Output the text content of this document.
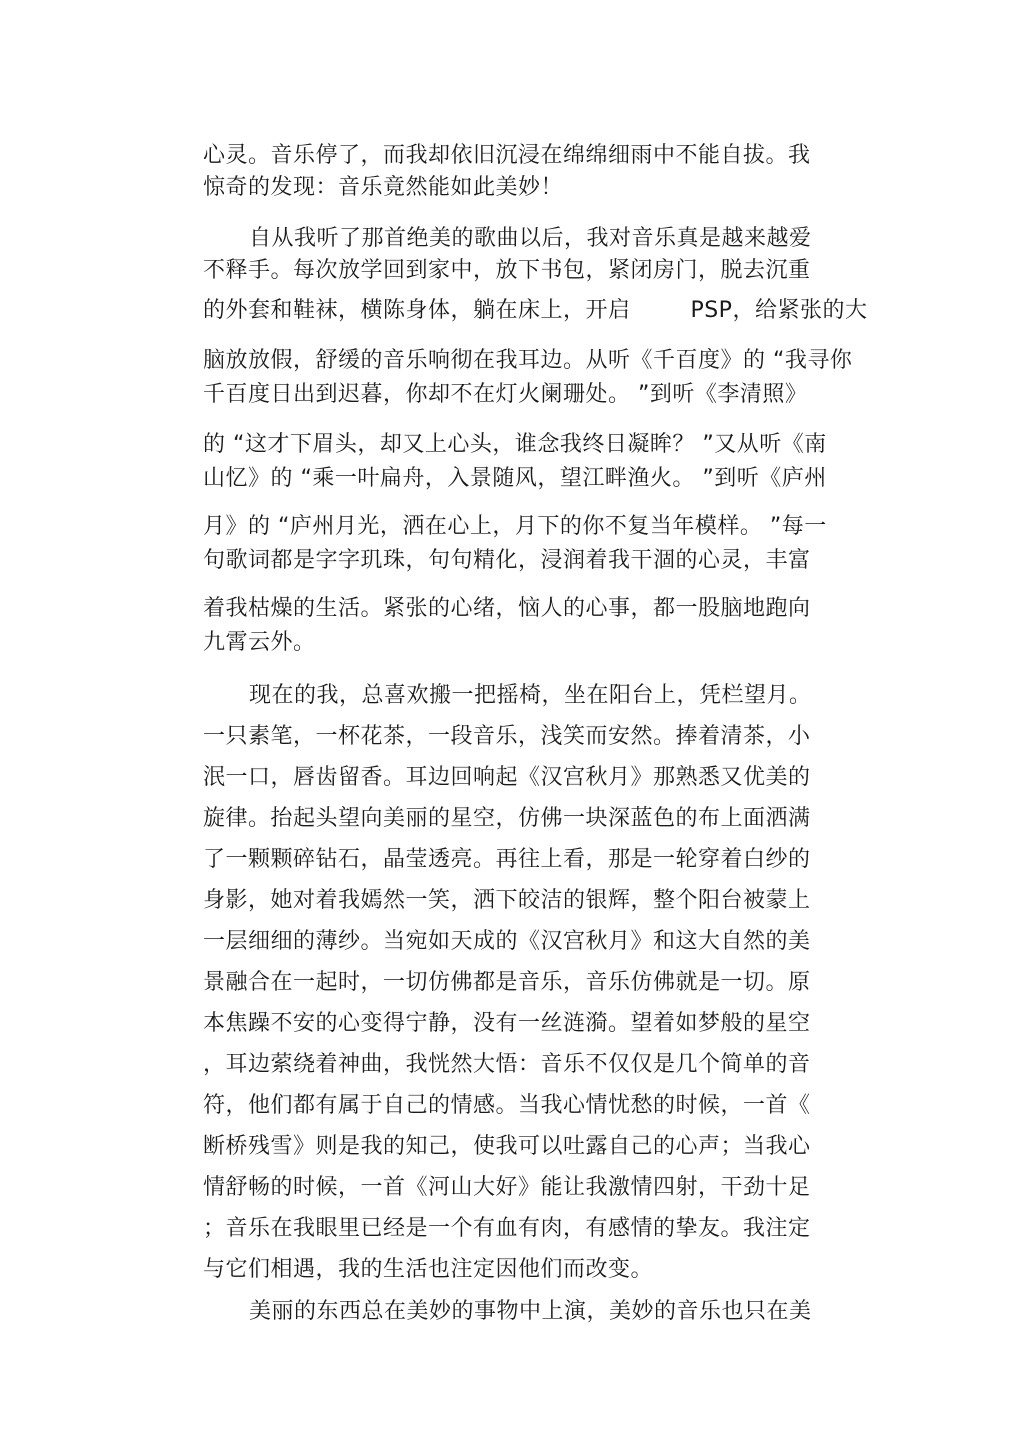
心灵。音乐停了，而我却依旧沉浸在绵绵细雨中不能自拔。我
惊奇的发现：音乐竟然能如此美妙！
自从我听了那首绝美的歌曲以后，我对音乐真是越来越爱
不释手。每次放学回到家中，放下书包，紧闭房门，脱去沉重
的外套和鞋袜，横陈身体，躺在床上，开启        PSP，给紧张的大
脑放放假，舒缓的音乐响彻在我耳边。从听《千百度》的 “我寻你
千百度日出到迟暮，你却不在灯火阑珊处。 ”到听《李清照》
的 “这才下眉头，却又上心头，谁念我终日凝眸？ ”又从听《南
山忆》的 “乘一叶扁舟，入景随风，望江畔渔火。 ”到听《庐州
月》的 “庐州月光，洒在心上，月下的你不复当年模样。 ”每一
句歌词都是字字玑珠，句句精化，浸润着我干涸的心灵，丰富
着我枯燥的生活。紧张的心绪，恼人的心事，都一股脑地跑向
九霄云外。
现在的我，总喜欢搬一把摇椅，坐在阳台上，凭栏望月。
一只素笔，一杯花茶，一段音乐，浅笑而安然。捧着清茶，小
泯一口，唇齿留香。耳边回响起《汉宫秋月》那熟悉又优美的
旋律。抬起头望向美丽的星空，仿佛一块深蓝色的布上面洒满
了一颗颗碎钻石，晶莹透亮。再往上看，那是一轮穿着白纱的
身影，她对着我嫣然一笑，洒下皎洁的银辉，整个阳台被蒙上
一层细细的薄纱。当宛如天成的《汉宫秋月》和这大自然的美
景融合在一起时，一切仿佛都是音乐，音乐仿佛就是一切。原
本焦躁不安的心变得宁静，没有一丝涟漪。望着如梦般的星空
，耳边萦绕着神曲，我恍然大悟：音乐不仅仅是几个简单的音
符，他们都有属于自己的情感。当我心情忧愁的时候，一首《
断桥残雪》则是我的知己，使我可以吐露自己的心声；当我心
情舒畅的时候，一首《河山大好》能让我激情四射，干劲十足
；音乐在我眼里已经是一个有血有肉，有感情的挚友。我注定
与它们相遇，我的生活也注定因他们而改变。
美丽的东西总在美妙的事物中上演，美妙的音乐也只在美
